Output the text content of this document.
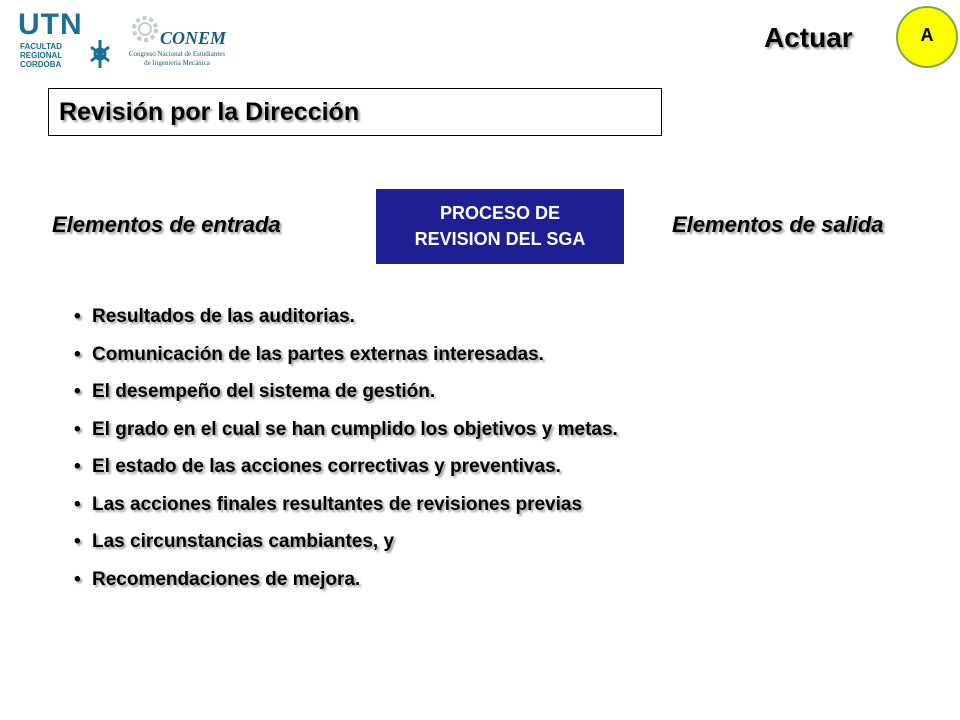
UTN
FACULTAD
REGIONAL
CORDOBA
CONEM
Congreso Nacional de Estudiantes
de Ingeniería Mecánica
Actuar	A
Revisión por la Dirección
Elementos de entrada	PROCESO DE
REVISION DEL SGA
Elementos de salida
• Resultados de las auditorias.
• Comunicación de las partes externas interesadas.
• El desempeño del sistema de gestión.
• El grado en el cual se han cumplido los objetivos y metas.
• El estado de las acciones correctivas y preventivas.
• Las acciones finales resultantes de revisiones previas
• Las circunstancias cambiantes, y
• Recomendaciones de mejora.
